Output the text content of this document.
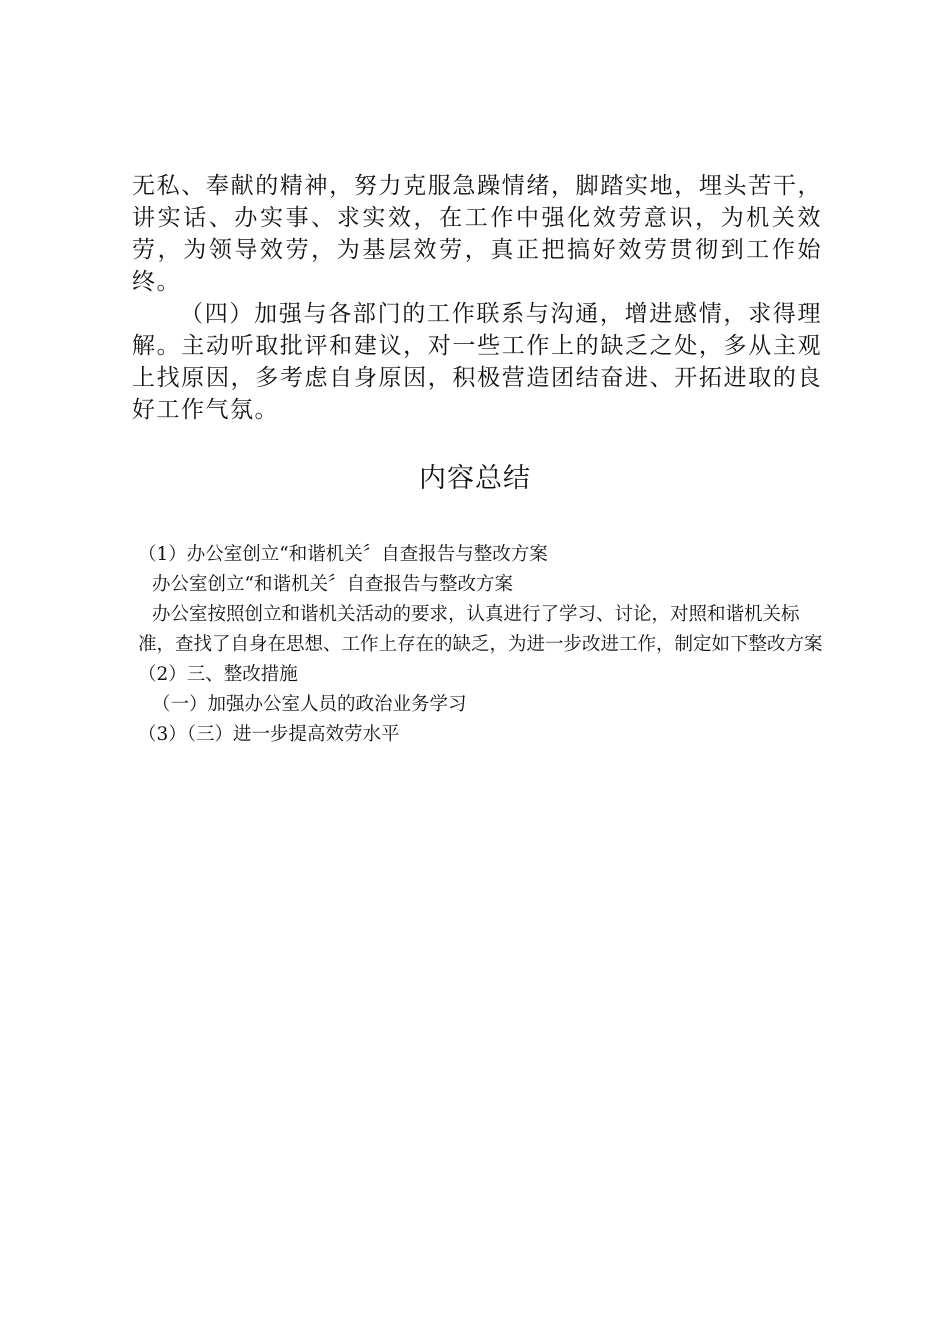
无私、奉献的精神，努力克服急躁情绪，脚踏实地，埋头苦干，讲实话、办实事、求实效，在工作中强化效劳意识，为机关效劳，为领导效劳，为基层效劳，真正把搞好效劳贯彻到工作始终。

（四）加强与各部门的工作联系与沟通，增进感情，求得理解。主动听取批评和建议，对一些工作上的缺乏之处，多从主观上找原因，多考虑自身原因，积极营造团结奋进、开拓进取的良好工作气氛。

内容总结

（1）办公室创立“和谐机关〞自查报告与整改方案

办公室创立“和谐机关〞自查报告与整改方案

办公室按照创立和谐机关活动的要求，认真进行了学习、讨论，对照和谐机关标准，查找了自身在思想、工作上存在的缺乏，为进一步改进工作，制定如下整改方案

（2）三、整改措施

（一）加强办公室人员的政治业务学习

（3）（三）进一步提高效劳水平
